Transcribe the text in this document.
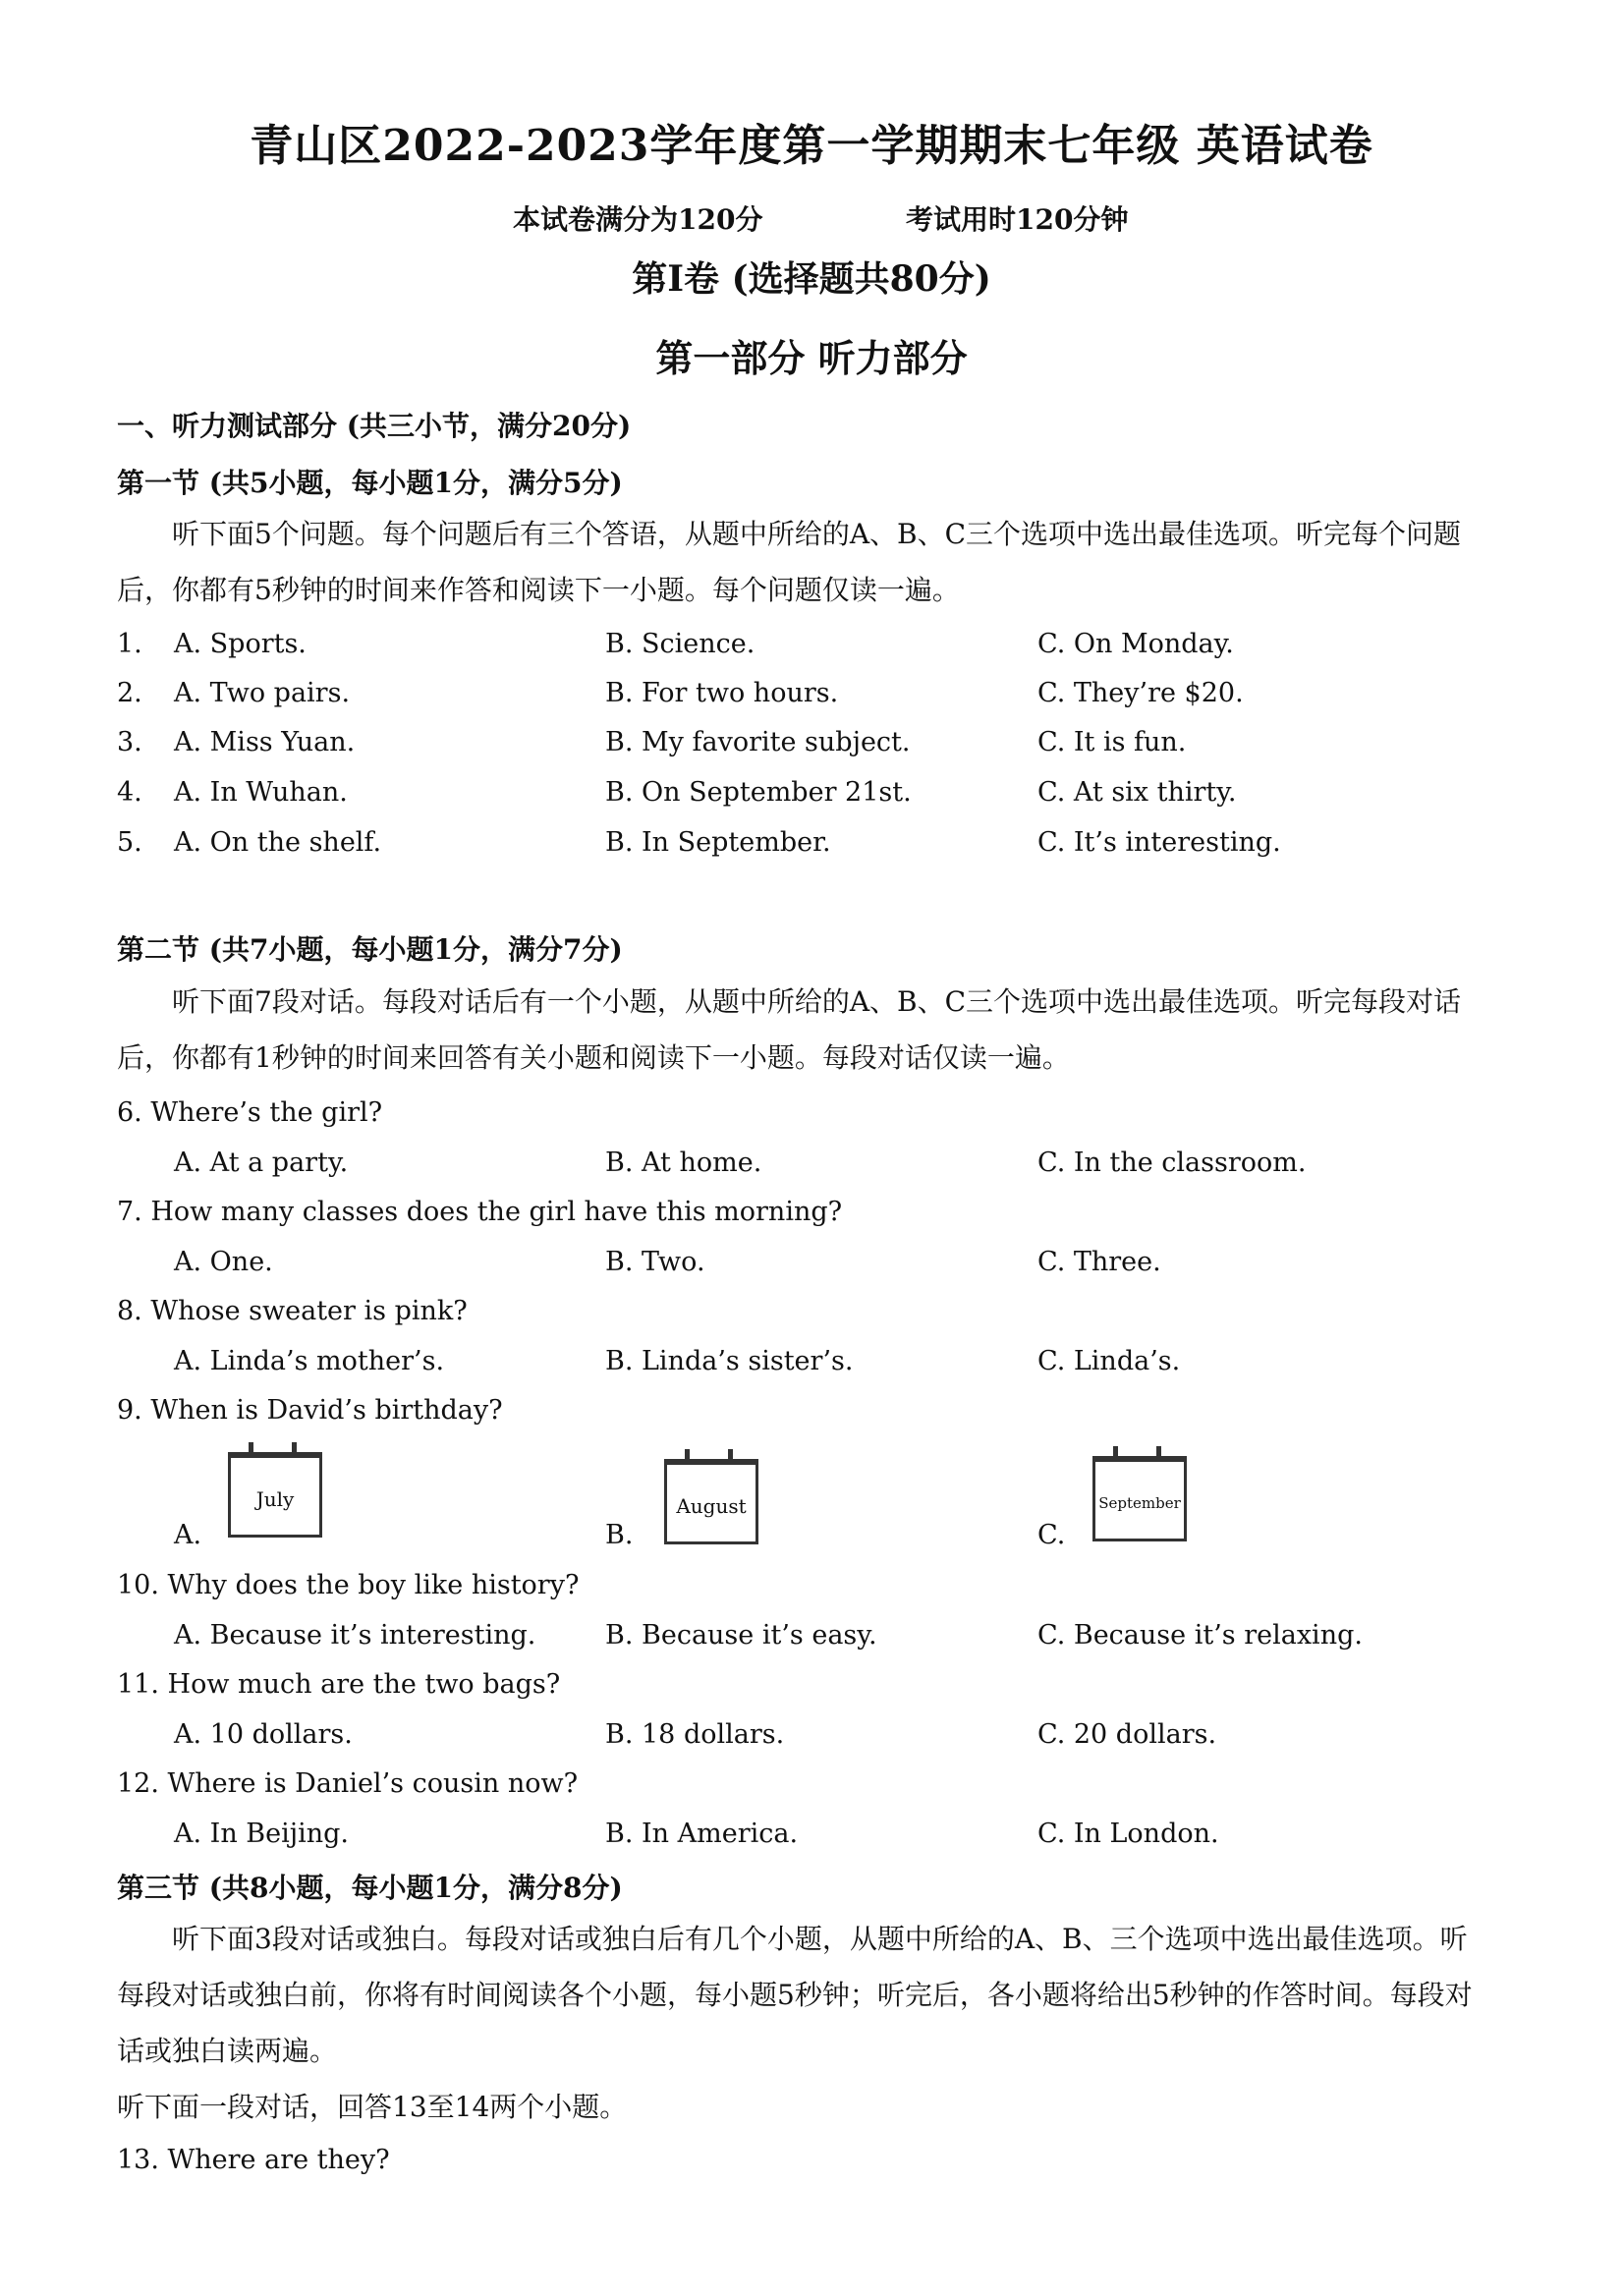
青山区2022-2023学年度第一学期期末七年级 英语试卷
本试卷满分为120分	考试用时120分钟
第I卷 (选择题共80分)
第一部分 听力部分
一、听力测试部分 (共三小节，满分20分)
第一节 (共5小题，每小题1分，满分5分)
听下面5个问题。每个问题后有三个答语，从题中所给的A、B、C三个选项中选出最佳选项。听完每个问题
后，你都有5秒钟的时间来作答和阅读下一小题。每个问题仅读一遍。
1. A. Sports.	B. Science.	C. On Monday.
2. A. Two pairs.	B. For two hours.	C. They’re $20.
3. A. Miss Yuan.	B. My favorite subject.	C. It is fun.
4. A. In Wuhan.	B. On September 21st.	C. At six thirty.
5. A. On the shelf.	B. In September.	C. It’s interesting.
第二节 (共7小题，每小题1分，满分7分)
听下面7段对话。每段对话后有一个小题，从题中所给的A、B、C三个选项中选出最佳选项。听完每段对话
后，你都有1秒钟的时间来回答有关小题和阅读下一小题。每段对话仅读一遍。
6. Where’s the girl?
A. At a party.	B. At home.	C. In the classroom.
7. How many classes does the girl have this morning?
A. One.	B. Two.	C. Three.
8. Whose sweater is pink?
A. Linda’s mother’s.	B. Linda’s sister’s.	C. Linda’s.
9. When is David’s birthday?
A.	B.	C.
July	August	September
10. Why does the boy like history?
A. Because it’s interesting.	B. Because it’s easy.	C. Because it’s relaxing.
11. How much are the two bags?
A. 10 dollars.	B. 18 dollars.	C. 20 dollars.
12. Where is Daniel’s cousin now?
A. In Beijing.	B. In America.	C. In London.
第三节 (共8小题，每小题1分，满分8分)
听下面3段对话或独白。每段对话或独白后有几个小题，从题中所给的A、B、三个选项中选出最佳选项。听
每段对话或独白前，你将有时间阅读各个小题，每小题5秒钟；听完后，各小题将给出5秒钟的作答时间。每段对
话或独白读两遍。
听下面一段对话，回答13至14两个小题。
13. Where are they?
